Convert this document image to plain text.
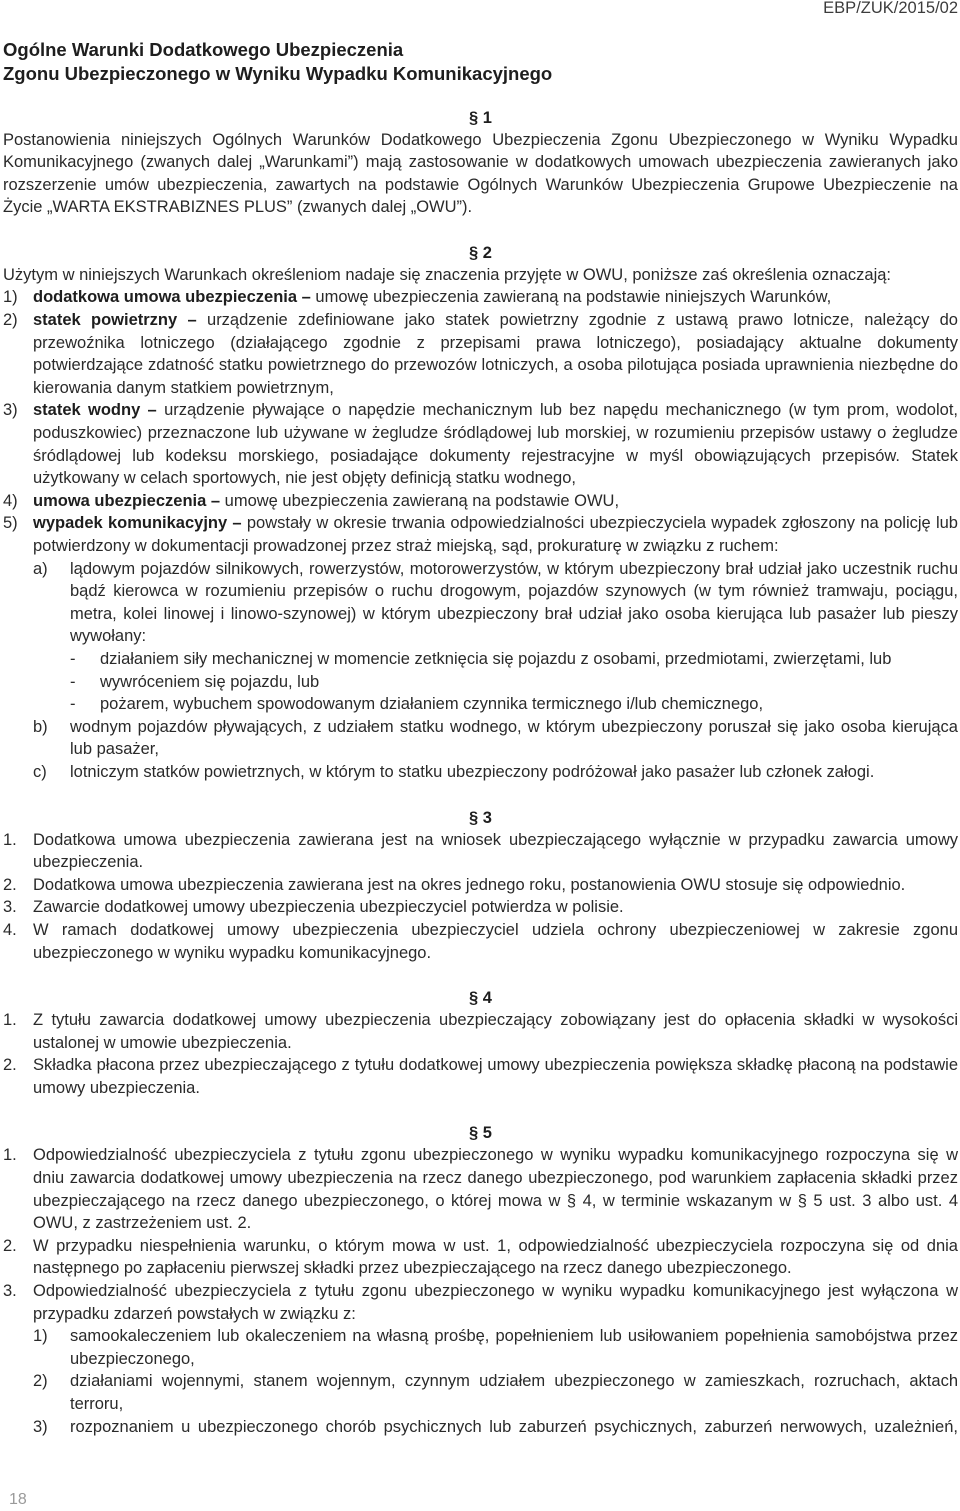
EBP/ZUK/2015/02
Ogólne Warunki Dodatkowego Ubezpieczenia
Zgonu Ubezpieczonego w Wyniku Wypadku Komunikacyjnego
§ 1
Postanowienia niniejszych Ogólnych Warunków Dodatkowego Ubezpieczenia Zgonu Ubezpieczonego w Wyniku Wypadku Komunikacyjnego (zwanych dalej „Warunkami”) mają zastosowanie w dodatkowych umowach ubezpieczenia zawieranych jako rozszerzenie umów ubezpieczenia, zawartych na podstawie Ogólnych Warunków Ubezpieczenia Grupowe Ubezpieczenie na Życie „WARTA EKSTRABIZNES PLUS” (zwanych dalej „OWU”).
§ 2
Użytym w niniejszych Warunkach określeniom nadaje się znaczenia przyjęte w OWU, poniższe zaś określenia oznaczają:
1) dodatkowa umowa ubezpieczenia – umowę ubezpieczenia zawieraną na podstawie niniejszych Warunków,
2) statek powietrzny – urządzenie zdefiniowane jako statek powietrzny zgodnie z ustawą prawo lotnicze, należący do przewoźnika lotniczego (działającego zgodnie z przepisami prawa lotniczego), posiadający aktualne dokumenty potwierdzające zdatność statku powietrznego do przewozów lotniczych, a osoba pilotująca posiada uprawnienia niezbędne do kierowania danym statkiem powietrznym,
3) statek wodny – urządzenie pływające o napędzie mechanicznym lub bez napędu mechanicznego (w tym prom, wodolot, poduszkowiec) przeznaczone lub używane w żegludze śródlądowej lub morskiej, w rozumieniu przepisów ustawy o żegludze śródlądowej lub kodeksu morskiego, posiadające dokumenty rejestracyjne w myśl obowiązujących przepisów. Statek użytkowany w celach sportowych, nie jest objęty definicją statku wodnego,
4) umowa ubezpieczenia – umowę ubezpieczenia zawieraną na podstawie OWU,
5) wypadek komunikacyjny – powstały w okresie trwania odpowiedzialności ubezpieczyciela wypadek zgłoszony na policję lub potwierdzony w dokumentacji prowadzonej przez straż miejską, sąd, prokuraturę w związku z ruchem:
a)	lądowym pojazdów silnikowych, rowerzystów, motorowerzystów, w którym ubezpieczony brał udział jako uczestnik ruchu bądź kierowca w rozumieniu przepisów o ruchu drogowym, pojazdów szynowych (w tym również tramwaju, pociągu, metra, kolei linowej i linowo-szynowej) w którym ubezpieczony brał udział jako osoba kierująca lub pasażer lub pieszy wywołany:
-	działaniem siły mechanicznej w momencie zetknięcia się pojazdu z osobami, przedmiotami, zwierzętami, lub
-	wywróceniem się pojazdu, lub
-	pożarem, wybuchem spowodowanym działaniem czynnika termicznego i/lub chemicznego,
b)	wodnym pojazdów pływających, z udziałem statku wodnego, w którym ubezpieczony poruszał się jako osoba kierująca lub pasażer,
c)	lotniczym statków powietrznych, w którym to statku ubezpieczony podróżował jako pasażer lub członek załogi.
§ 3
1. Dodatkowa umowa ubezpieczenia zawierana jest na wniosek ubezpieczającego wyłącznie w przypadku zawarcia umowy ubezpieczenia.
2. Dodatkowa umowa ubezpieczenia zawierana jest na okres jednego roku, postanowienia OWU stosuje się odpowiednio.
3. Zawarcie dodatkowej umowy ubezpieczenia ubezpieczyciel potwierdza w polisie.
4. W ramach dodatkowej umowy ubezpieczenia ubezpieczyciel udziela ochrony ubezpieczeniowej w zakresie zgonu ubezpieczonego w wyniku wypadku komunikacyjnego.
§ 4
1. Z tytułu zawarcia dodatkowej umowy ubezpieczenia ubezpieczający zobowiązany jest do opłacenia składki w wysokości ustalonej w umowie ubezpieczenia.
2. Składka płacona przez ubezpieczającego z tytułu dodatkowej umowy ubezpieczenia powiększa składkę płaconą na podstawie umowy ubezpieczenia.
§ 5
1. Odpowiedzialność ubezpieczyciela z tytułu zgonu ubezpieczonego w wyniku wypadku komunikacyjnego rozpoczyna się w dniu zawarcia dodatkowej umowy ubezpieczenia na rzecz danego ubezpieczonego, pod warunkiem zapłacenia składki przez ubezpieczającego na rzecz danego ubezpieczonego, o której mowa w § 4, w terminie wskazanym w § 5 ust. 3 albo ust. 4 OWU, z zastrzeżeniem ust. 2.
2. W przypadku niespełnienia warunku, o którym mowa w ust. 1, odpowiedzialność ubezpieczyciela rozpoczyna się od dnia następnego po zapłaceniu pierwszej składki przez ubezpieczającego na rzecz danego ubezpieczonego.
3. Odpowiedzialność ubezpieczyciela z tytułu zgonu ubezpieczonego w wyniku wypadku komunikacyjnego jest wyłączona w przypadku zdarzeń powstałych w związku z:
1)	samookaleczeniem lub okaleczeniem na własną prośbę, popełnieniem lub usiłowaniem popełnienia samobójstwa przez ubezpieczonego,
2)	działaniami wojennymi, stanem wojennym, czynnym udziałem ubezpieczonego w zamieszkach, rozruchach, aktach terroru,
3)	rozpoznaniem u ubezpieczonego chorób psychicznych lub zaburzeń psychicznych, zaburzeń nerwowych, uzależnień,
18
